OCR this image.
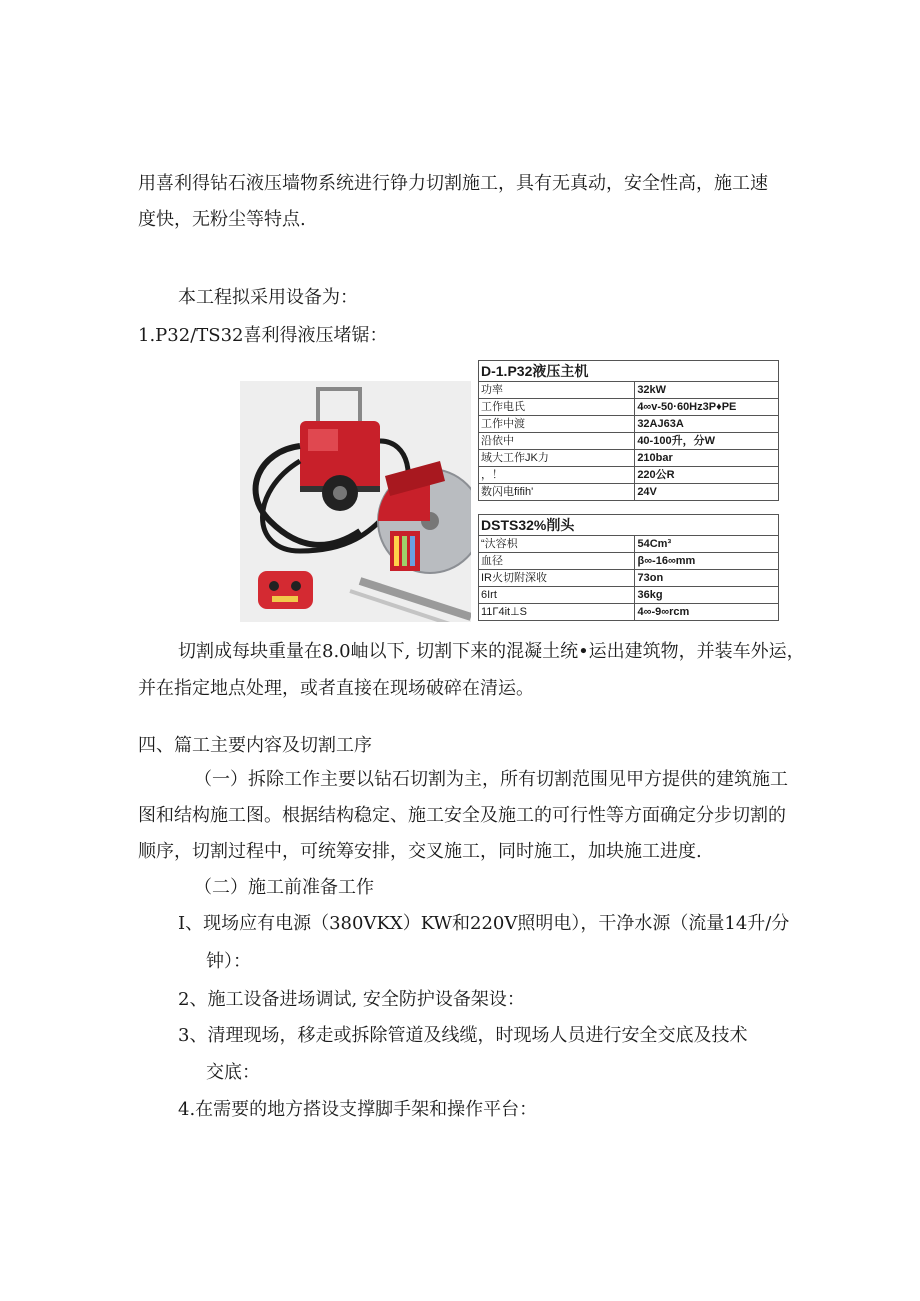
用喜利得钻石液压墙物系统进行铮力切割施工，具有无真动，安全性高，施工速
度快，无粉尘等特点.
本工程拟采用设备为：
1.P32/TS32喜利得液压堵锯：
D-1.P32液压主机	
功率	32kW
工作电氏	4∞v-50·60Hz3P♦PE
工作中渡	32AJ63A
沿依中	40-100升，分W
域大工作JK力	210bar
，！	220公R
数闪电fifih'	24V
DSTS32%削头	
“汏容枳	54Cm³
血径	β∞-16∞mm
IR火切附深收	73on
6Irt	36kg
11Γ4it⊥S	4∞-9∞rcm
切割成每块重量在8.0岫以下, 切割下来的混凝土统•运出建筑物，并装车外运，
并在指定地点处理，或者直接在现场破碎在清运。
四、篇工主要内容及切割工序
（一）拆除工作主要以钻石切割为主，所有切割范围见甲方提供的建筑施工
图和结构施工图。根据结构稳定、施工安全及施工的可行性等方面确定分步切割的
顺序，切割过程中，可统筹安排，交叉施工，同时施工，加块施工进度.
（二）施工前准备工作
I、现场应有电源（380VKX）KW和220V照明电），干净水源（流量14升/分
钟）：
2、施工设备进场调试, 安全防护设备架设：
3、清理现场，移走或拆除管道及线缆，时现场人员进行安全交底及技术
交底：
4.在需要的地方搭设支撑脚手架和操作平台：
